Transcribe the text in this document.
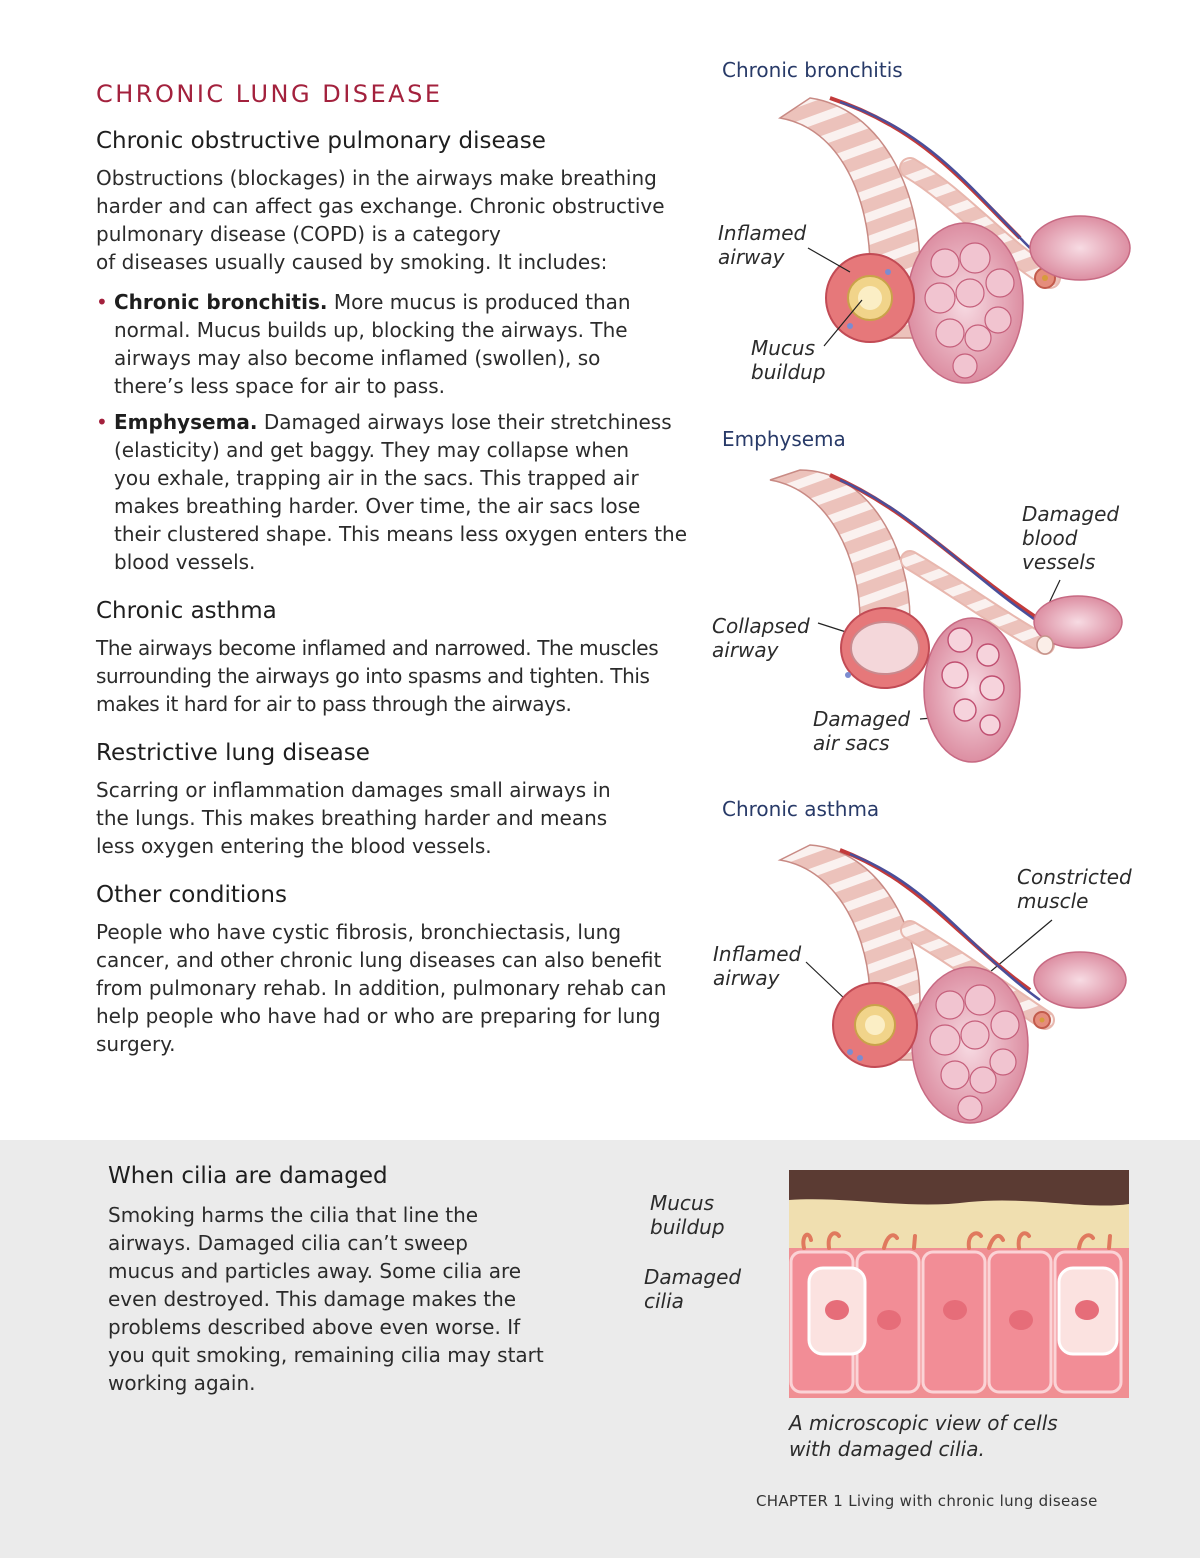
CHRONIC LUNG DISEASE
Chronic obstructive pulmonary disease

Obstructions (blockages) in the airways make breathing
harder and can affect gas exchange. Chronic obstructive
pulmonary disease (COPD) is a category
of diseases usually caused by smoking. It includes:

• Chronic bronchitis. More mucus is produced than
normal. Mucus builds up, blocking the airways. The
airways may also become inflamed (swollen), so
there’s less space for air to pass.
• Emphysema. Damaged airways lose their stretchiness
(elasticity) and get baggy. They may collapse when
you exhale, trapping air in the sacs. This trapped air
makes breathing harder. Over time, the air sacs lose
their clustered shape. This means less oxygen enters the
blood vessels.
Chronic asthma

The airways become inflamed and narrowed. The muscles
surrounding the airways go into spasms and tighten. This
makes it hard for air to pass through the airways.

Restrictive lung disease

Scarring or inflammation damages small airways in
the lungs. This makes breathing harder and means
less oxygen entering the blood vessels.

Other conditions

People who have cystic fibrosis, bronchiectasis, lung
cancer, and other chronic lung diseases can also benefit
from pulmonary rehab. In addition, pulmonary rehab can
help people who have had or who are preparing for lung
surgery.

Chronic bronchitis
Inflamed
airway
Mucus
buildup
Emphysema
Damaged
blood
vessels
Collapsed
airway
Damaged
air sacs
Chronic asthma
Constricted
muscle
Inflamed
airway
When cilia are damaged

Smoking harms the cilia that line the
airways. Damaged cilia can’t sweep
mucus and particles away. Some cilia are
even destroyed. This damage makes the
problems described above even worse. If
you quit smoking, remaining cilia may start
working again.

Mucus
buildup
Damaged
cilia
A microscopic view of cells
with damaged cilia.
CHAPTER 1 Living with chronic lung disease
